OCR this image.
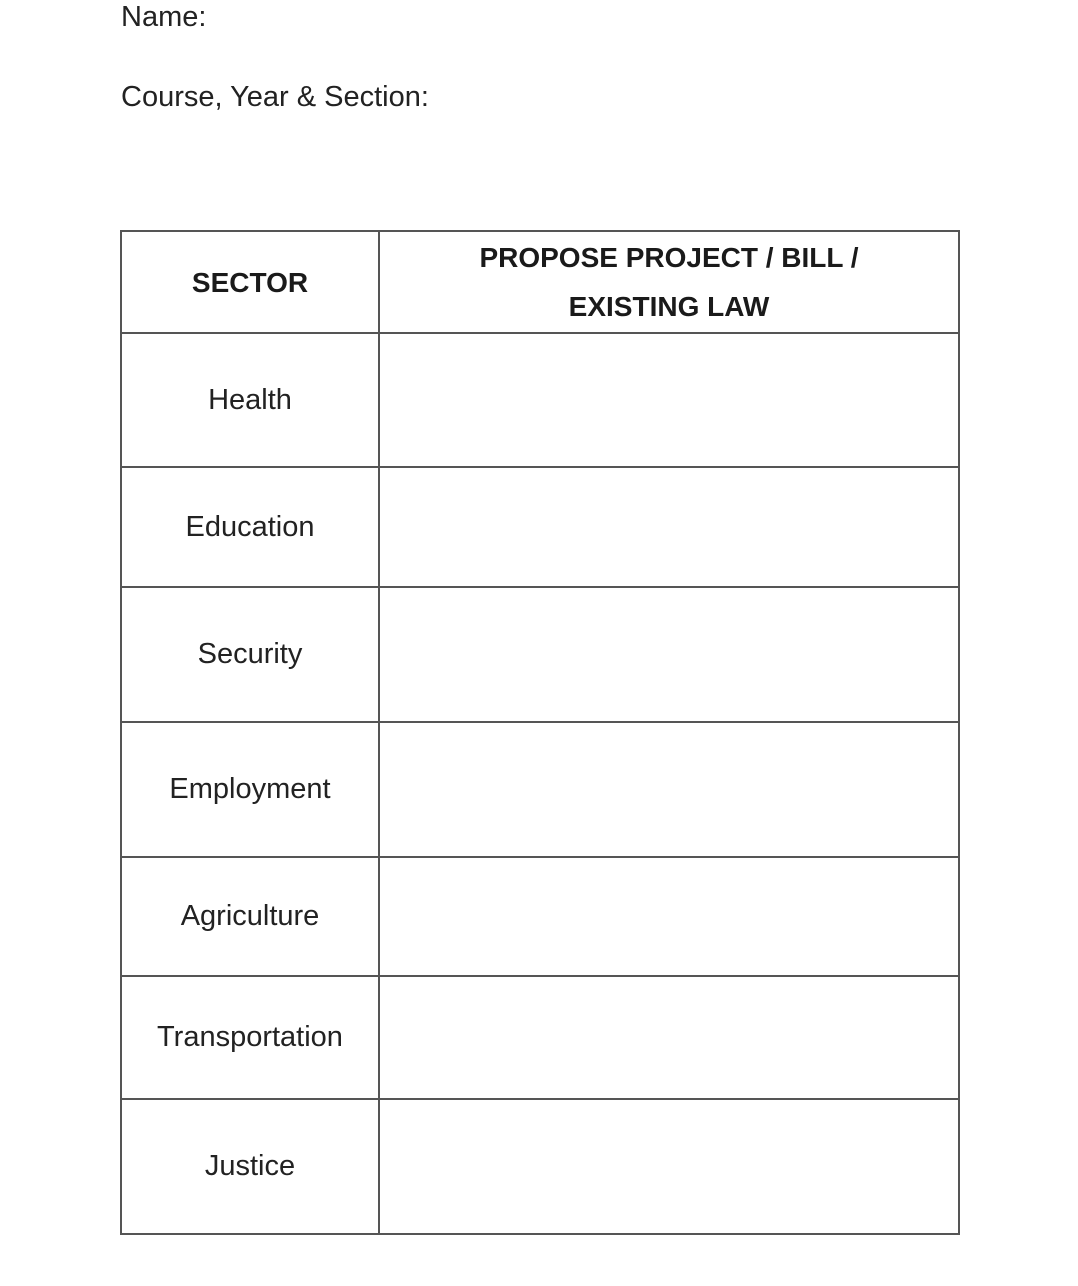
Name:
Course, Year & Section:
SECTOR	PROPOSE PROJECT / BILL /
EXISTING LAW

Health	
Education	
Security	
Employment	
Agriculture	
Transportation	
Justice	
